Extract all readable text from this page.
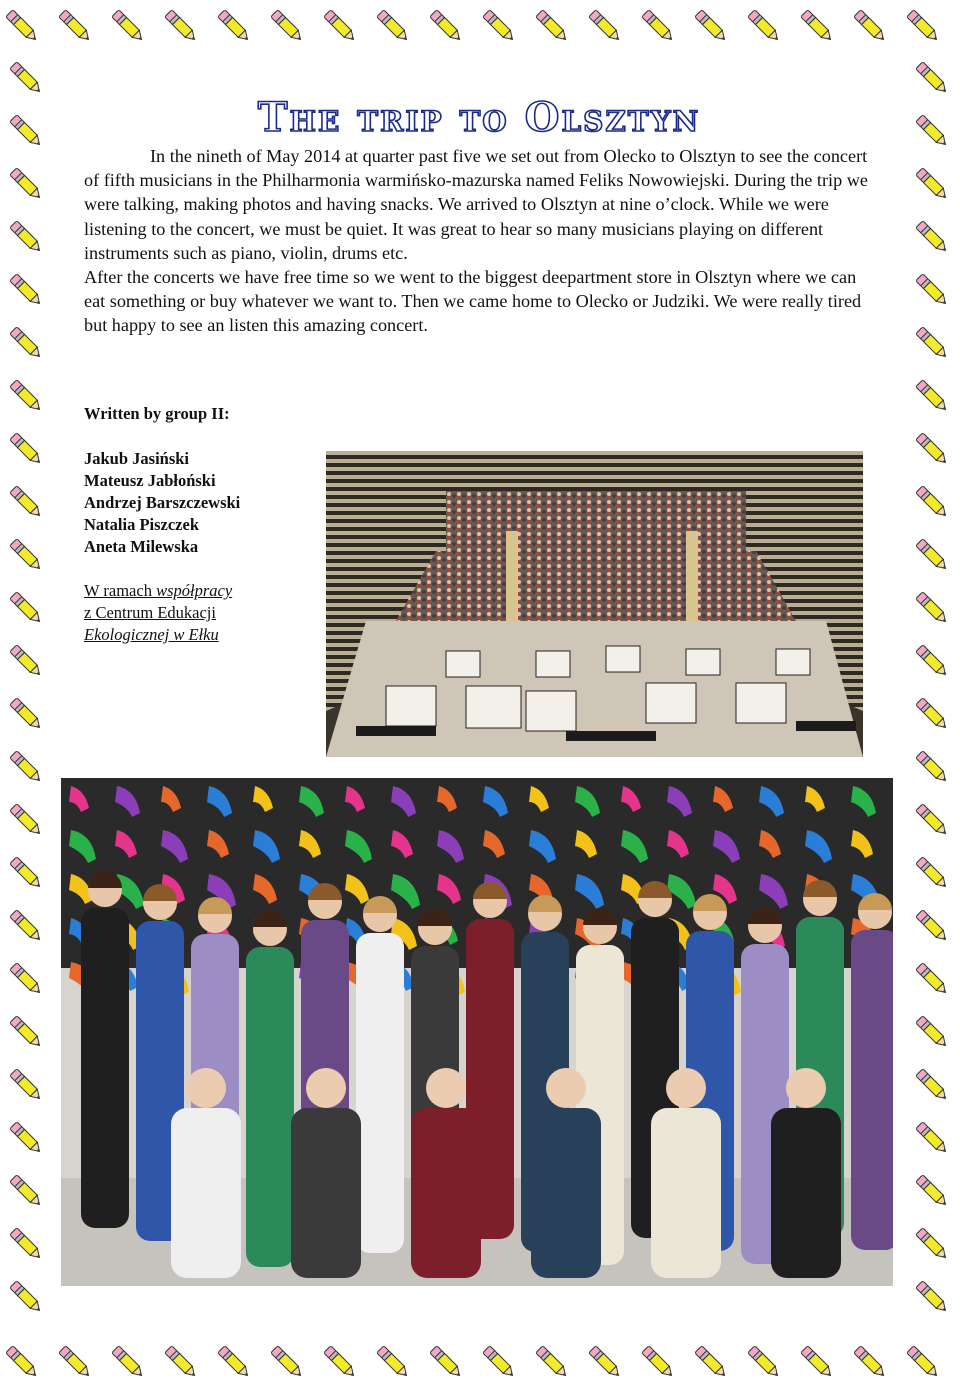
The trip to Olsztyn

In the nineth of May 2014 at quarter past five we set out from Olecko to Olsztyn to see the concert of fifth musicians in the Philharmonia warmińsko-mazurska named Feliks Nowowiejski. During the trip we were talking, making photos and having snacks. We arrived to Olsztyn at nine o’clock. While we were listening to the concert, we must be quiet. It was great to hear so many musicians playing on different instruments such as piano, violin, drums etc.

After the concerts we have free time so we went to the biggest deepartment store in Olsztyn where we can eat something or buy whatever we want to. Then we came home to Olecko or Judziki. We were really tired but happy to see an listen this amazing concert.

Written by group II:
Jakub Jasiński
Mateusz Jabłoński
Andrzej Barszczewski
Natalia Piszczek
Aneta Milewska
W ramach współpracy
z Centrum Edukacji
Ekologicznej w Ełku
